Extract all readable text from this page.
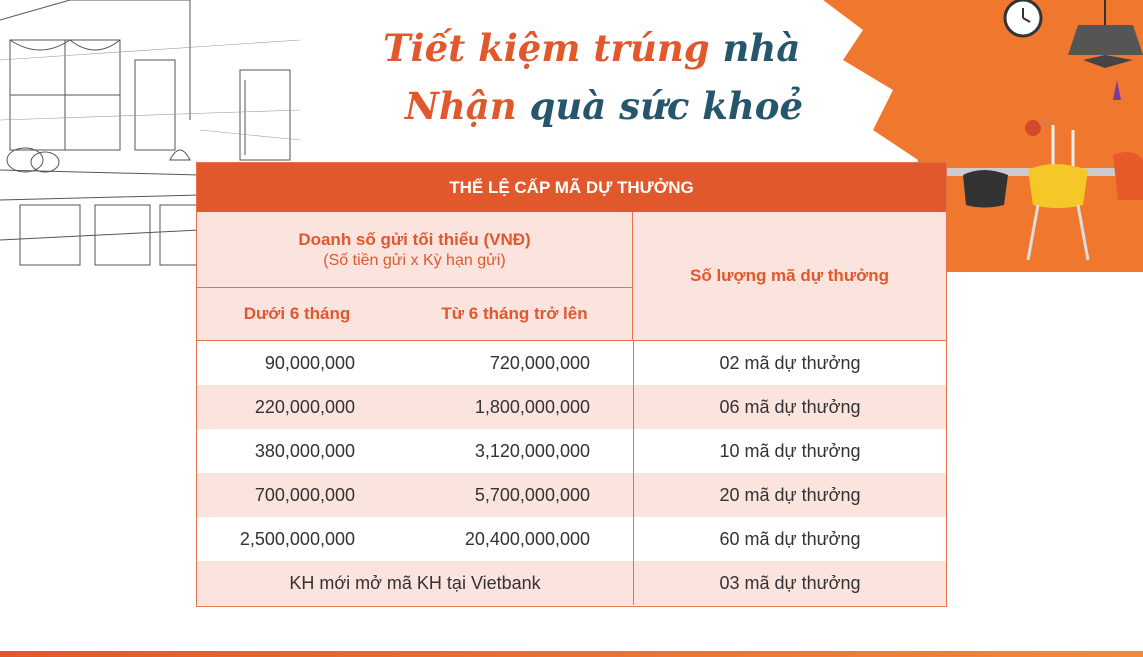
Tiết kiệm trúng nhà
Nhận quà sức khoẻ
THỂ LỆ CẤP MÃ DỰ THƯỞNG
Doanh số gửi tối thiểu (VNĐ)
(Số tiền gửi x Kỳ hạn gửi)
Dưới 6 tháng	Từ 6 tháng trở lên
Số lượng mã dự thưởng
90,000,000	720,000,000	02 mã dự thưởng
220,000,000	1,800,000,000	06 mã dự thưởng
380,000,000	3,120,000,000	10 mã dự thưởng
700,000,000	5,700,000,000	20 mã dự thưởng
2,500,000,000	20,400,000,000	60 mã dự thưởng
KH mới mở mã KH tại Vietbank	03 mã dự thưởng
